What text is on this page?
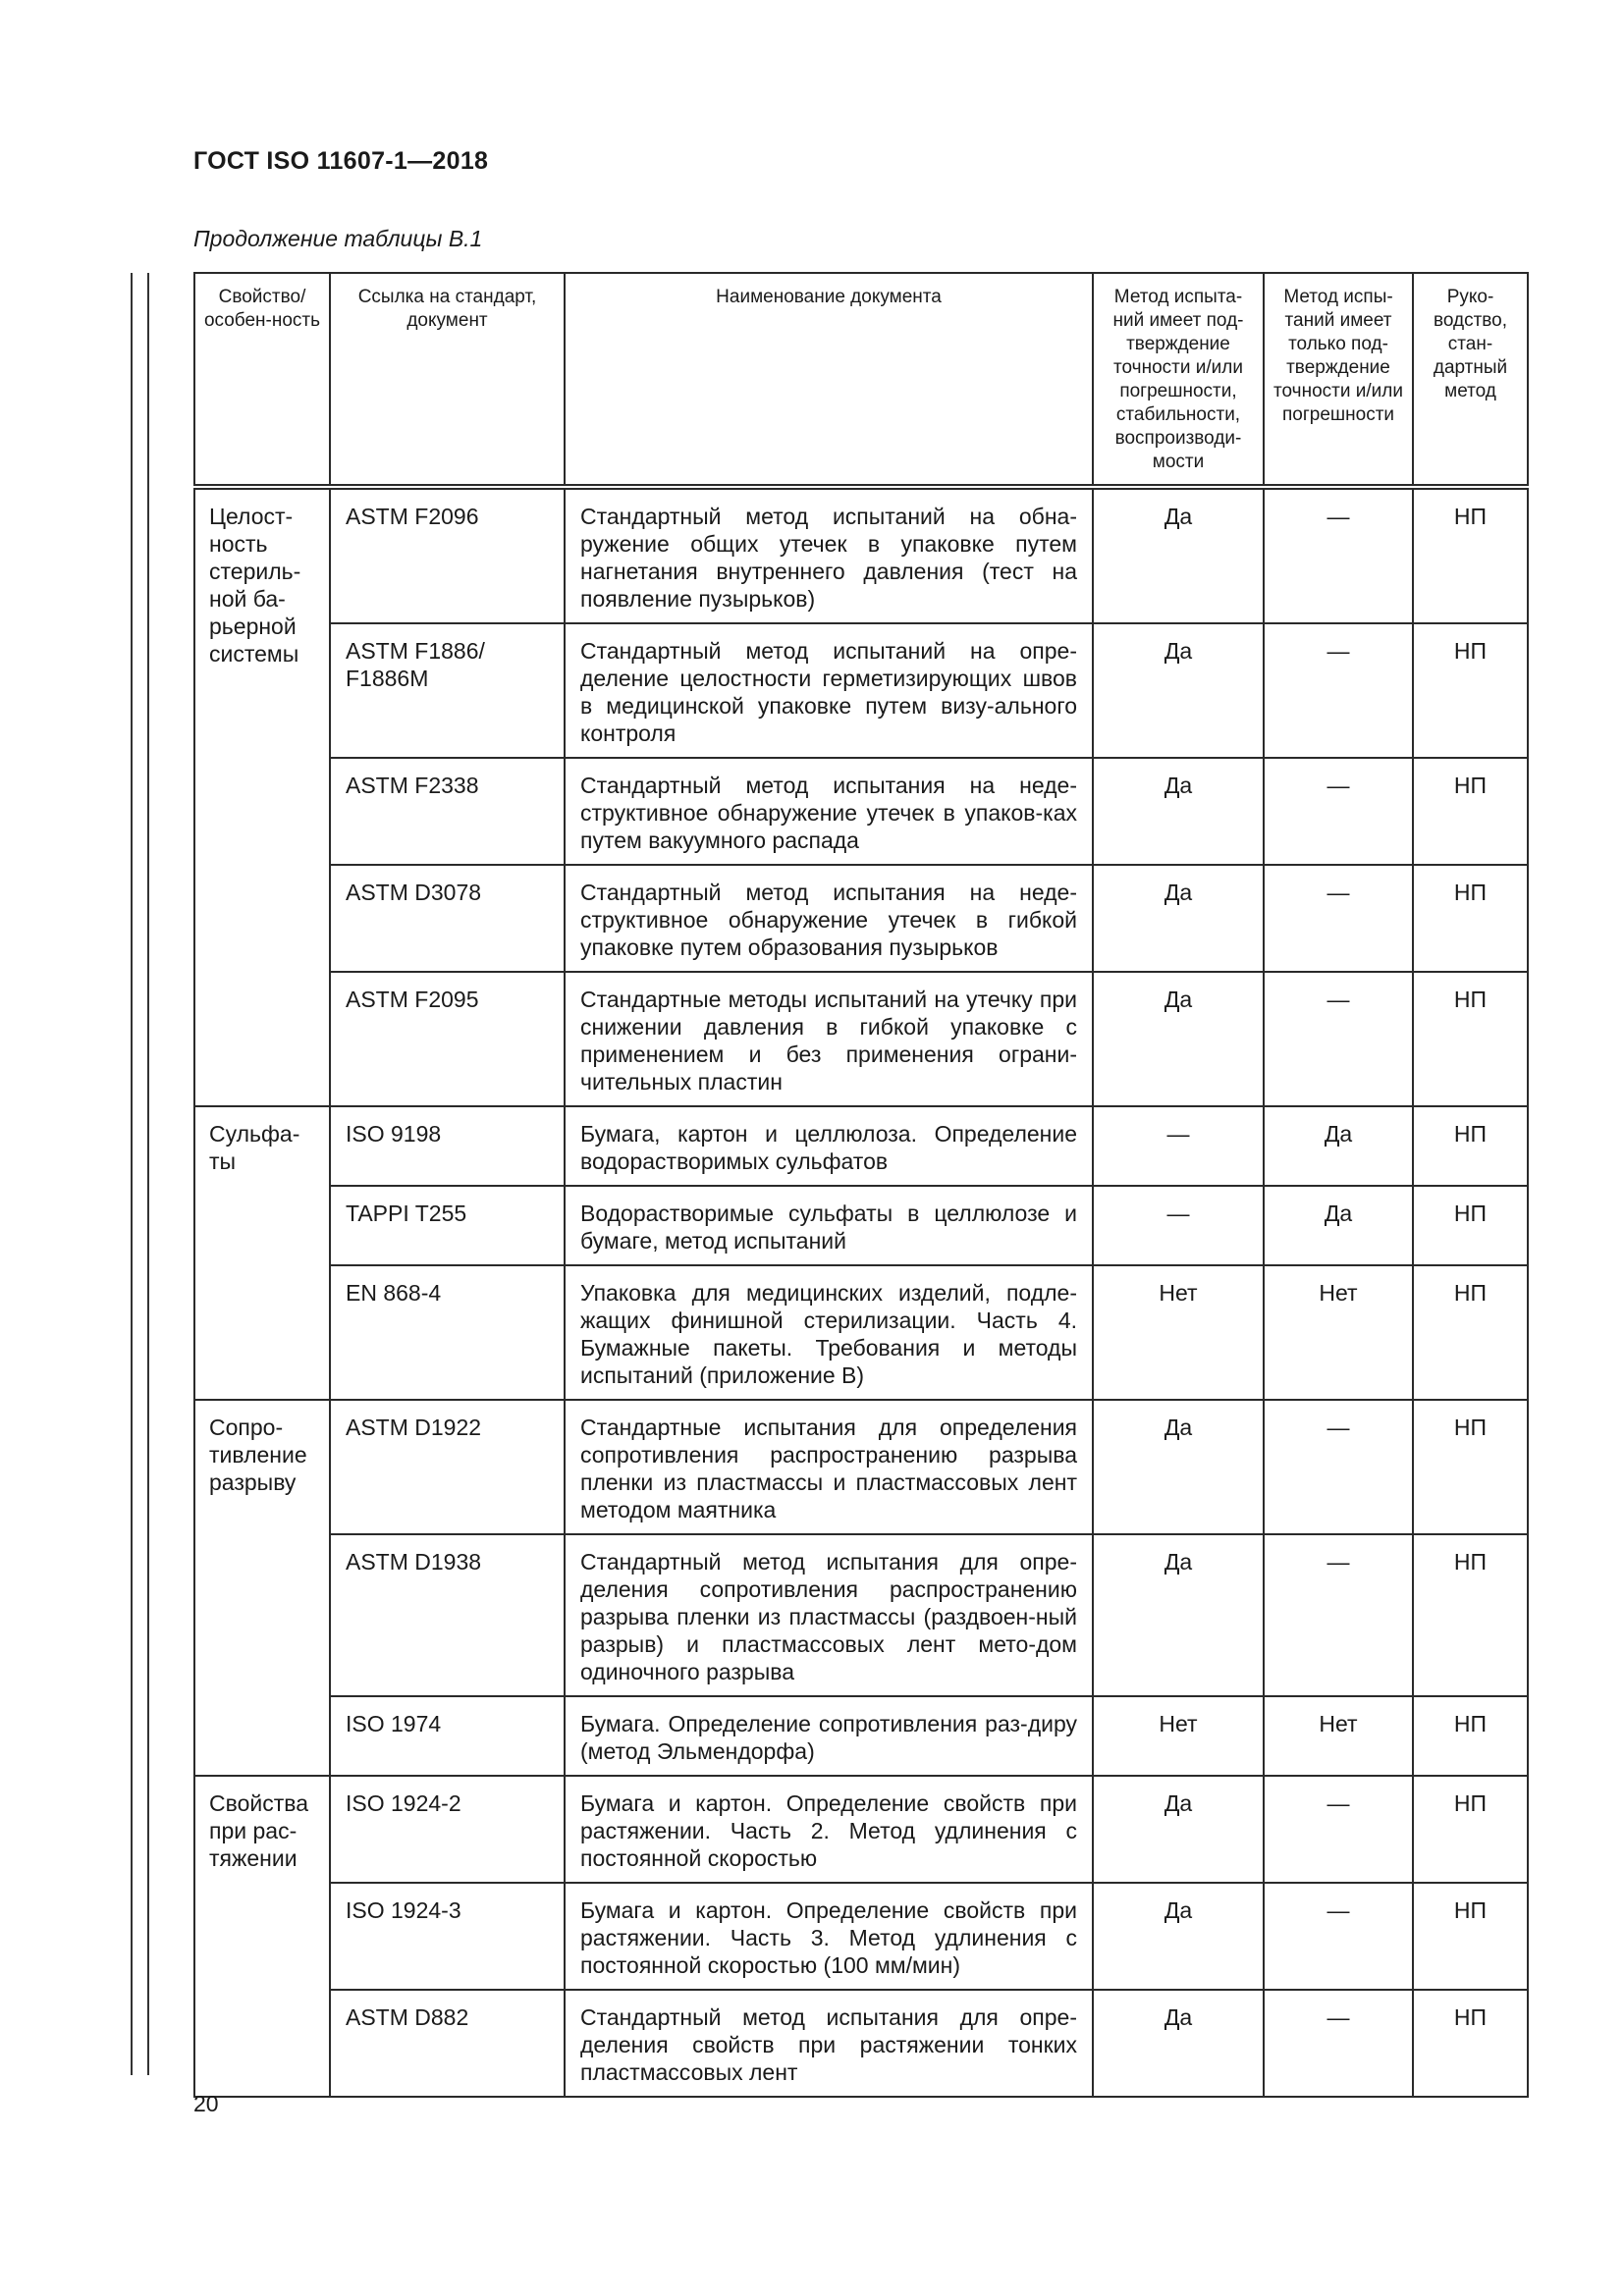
ГОСТ ISO 11607-1—2018
Продолжение таблицы В.1
Свойство/ особен-ность	Ссылка на стандарт, документ	Наименование документа	Метод испыта-ний имеет под-тверждение точности и/или погрешности, стабильности, воспроизводи-мости	Метод испы-таний имеет только под-тверждение точности и/или погрешности	Руко-водство, стан-дартный метод
Целост-ность стериль-ной ба-рьерной системы	ASTM F2096	Стандартный метод испытаний на обна-ружение общих утечек в упаковке путем нагнетания внутреннего давления (тест на появление пузырьков)	Да	—	НП
	ASTM F1886/ F1886M	Стандартный метод испытаний на опре-деление целостности герметизирующих швов в медицинской упаковке путем визу-ального контроля	Да	—	НП
	ASTM F2338	Стандартный метод испытания на неде-структивное обнаружение утечек в упаков-ках путем вакуумного распада	Да	—	НП
	ASTM D3078	Стандартный метод испытания на неде-структивное обнаружение утечек в гибкой упаковке путем образования пузырьков	Да	—	НП
	ASTM F2095	Стандартные методы испытаний на утечку при снижении давления в гибкой упаковке с применением и без применения ограни-чительных пластин	Да	—	НП
Сульфа-ты	ISO 9198	Бумага, картон и целлюлоза. Определение водорастворимых сульфатов	—	Да	НП
	TAPPI T255	Водорастворимые сульфаты в целлюлозе и бумаге, метод испытаний	—	Да	НП
	EN 868-4	Упаковка для медицинских изделий, подле-жащих финишной стерилизации. Часть 4. Бумажные пакеты. Требования и методы испытаний (приложение В)	Нет	Нет	НП
Сопро-тивление разрыву	ASTM D1922	Стандартные испытания для определения сопротивления распространению разрыва пленки из пластмассы и пластмассовых лент методом маятника	Да	—	НП
	ASTM D1938	Стандартный метод испытания для опре-деления сопротивления распространению разрыва пленки из пластмассы (раздвоен-ный разрыв) и пластмассовых лент мето-дом одиночного разрыва	Да	—	НП
	ISO 1974	Бумага. Определение сопротивления раз-диру (метод Эльмендорфа)	Нет	Нет	НП
Свойства при рас-тяжении	ISO 1924-2	Бумага и картон. Определение свойств при растяжении. Часть 2. Метод удлинения с постоянной скоростью	Да	—	НП
	ISO 1924-3	Бумага и картон. Определение свойств при растяжении. Часть 3. Метод удлинения с постоянной скоростью (100 мм/мин)	Да	—	НП
	ASTM D882	Стандартный метод испытания для опре-деления свойств при растяжении тонких пластмассовых лент	Да	—	НП
20
